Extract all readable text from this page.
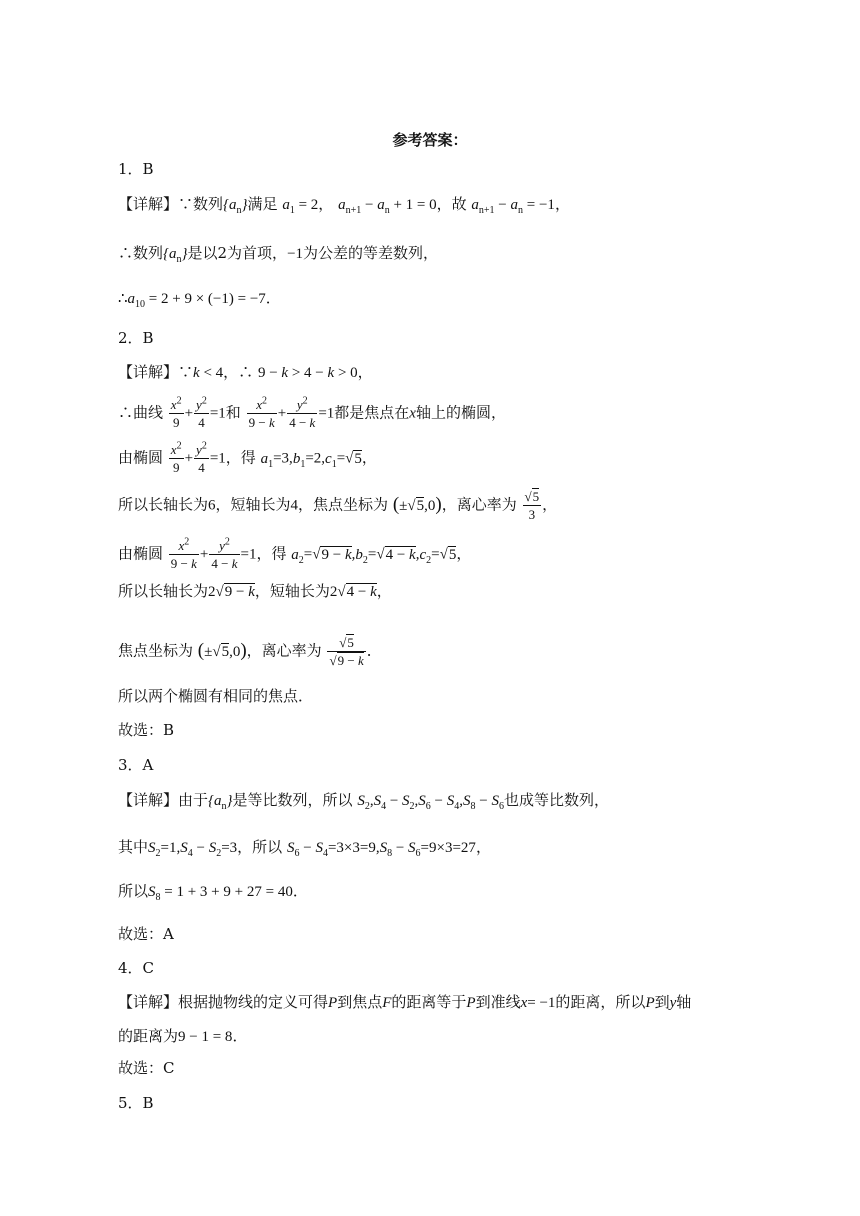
参考答案：
1．B
【详解】∵数列$\{a_n\}$满足 $a_1 = 2$， $a_{n+1} - a_n + 1 = 0$，故 $a_{n+1} - a_n = -1$，
∴数列$\{a_n\}$是以2为首项，−1为公差的等差数列，
$\therefore a_{10} = 2 + 9 \times (-1) = -7$．
2．B
【详解】∵k < 4，∴ 9 − k > 4 − k > 0，
∴曲线 $\frac{x^2}{9} + \frac{y^2}{4} =1$和 $\frac{x^2}{9 - k} + \frac{y^2}{4 - k} =1$都是焦点在x轴上的椭圆，
由椭圆 $\frac{x^2}{9} + \frac{y^2}{4} =1$，得 $a_1=3,b_1=2,c_1=√5$，
所以长轴长为6，短轴长为4，焦点坐标为 (±√5,0)，离心率为 $\frac{√5}{3}$ ，
由椭圆 $\frac{x^2}{9 - k} + \frac{y^2}{4 - k} =1$，得 $a_2=√9 - k,b_2=√4 - k,c_2=√5$，
所以长轴长为2√9 − k，短轴长为2√4 − k，
焦点坐标为 (±√5,0)，离心率为 $\frac{√5}{√9 - k}$ ．
所以两个椭圆有相同的焦点．
故选：B
3．A
【详解】由于$\{a_n\}$是等比数列，所以 $S_2,S_4 - S_2,S_6 - S_4,S_8 - S_6$也成等比数列，
其中$S_2=1,S_4 - S_2=3$，所以 $S_6 - S_4=3\times 3=9,S_8 - S_6=9\times 3=27$，
所以$S_8 = 1 + 3 + 9 + 27 = 40$．
故选：A
4．C
【详解】根据抛物线的定义可得P到焦点F的距离等于P到准线x= −1的距离，所以P到y轴
的距离为9 − 1 = 8．
故选：C
5．B
